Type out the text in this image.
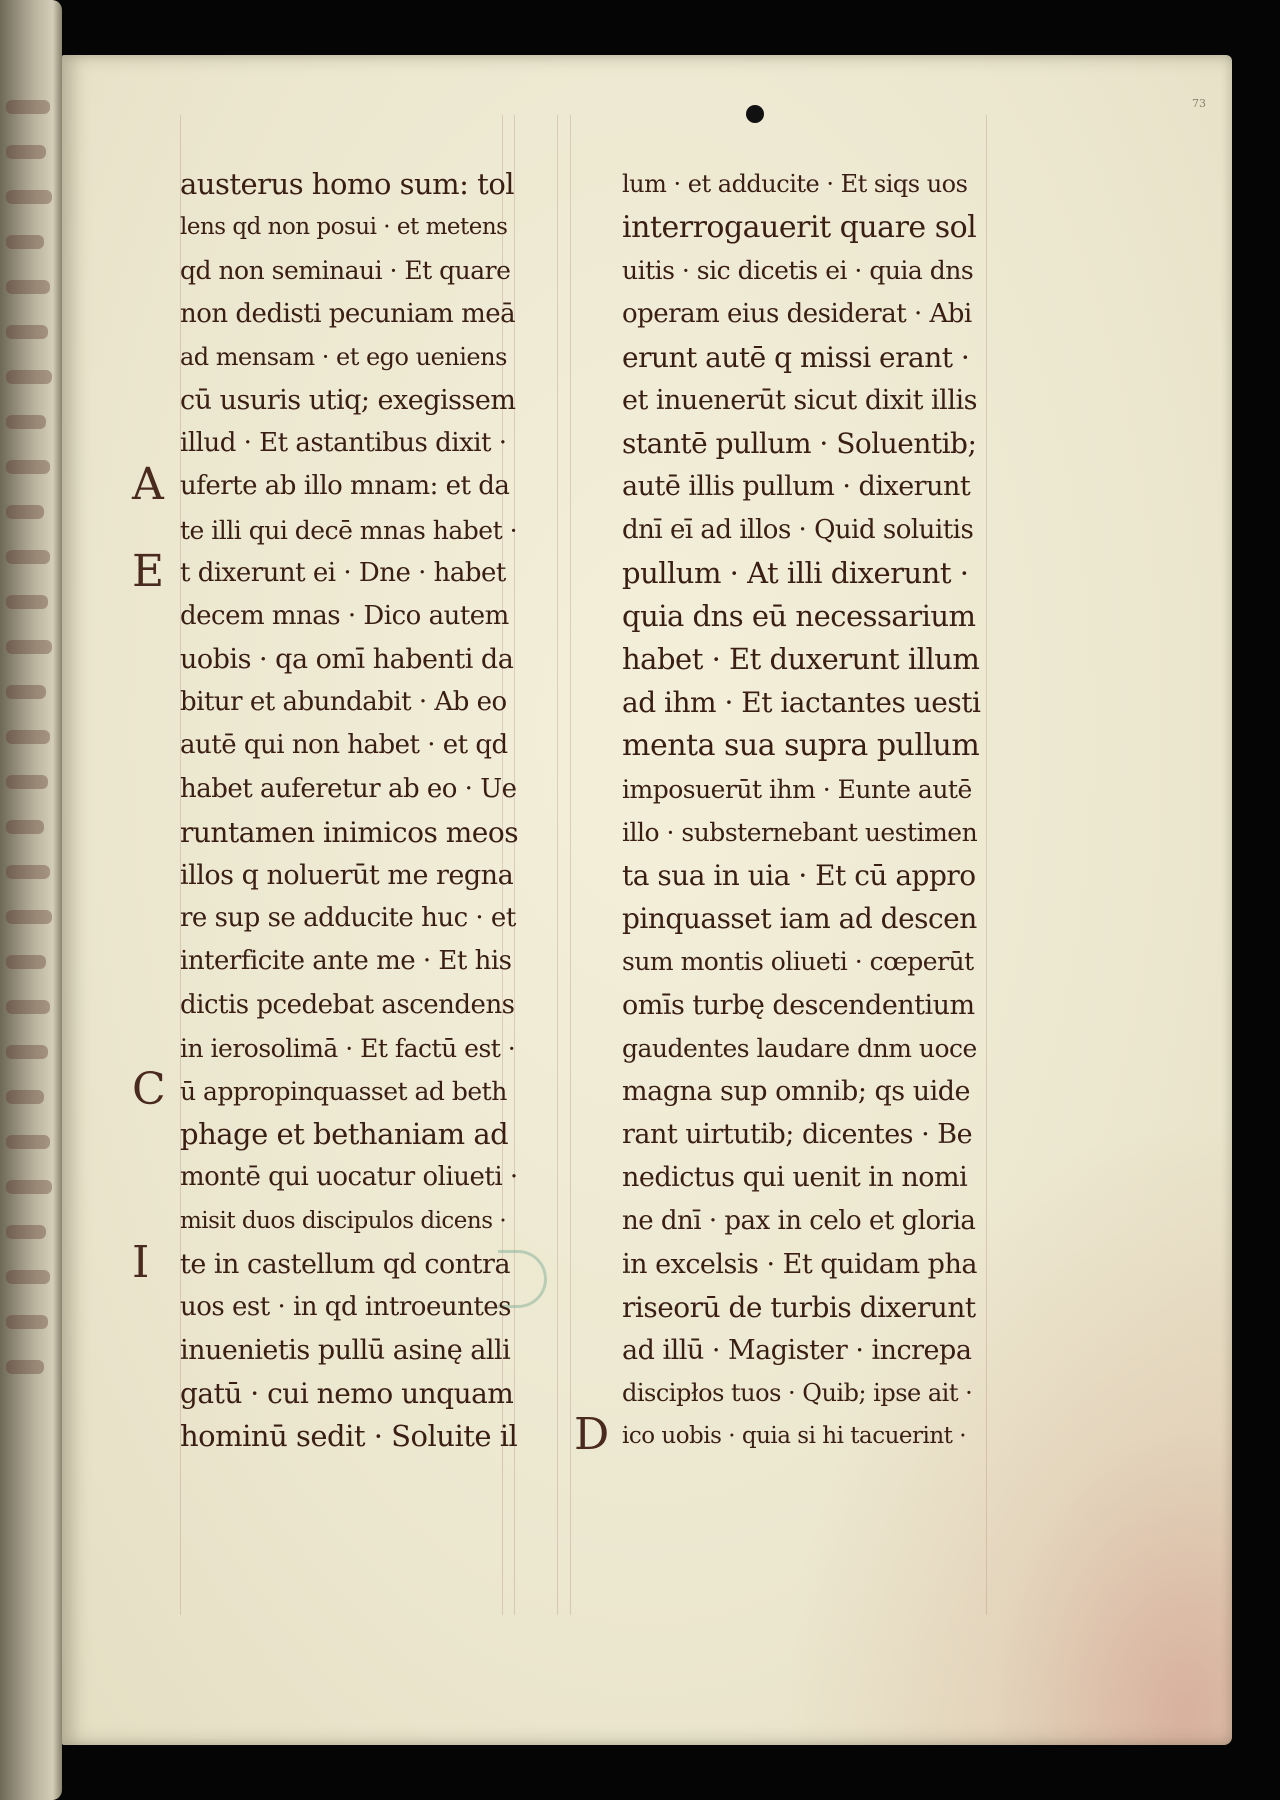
73
austerus homo sum: tol
lens qd non posui · et metens
qd non seminaui · Et quare
non dedisti pecuniam meā
ad mensam · et ego ueniens
cū usuris utiq; exegissem
illud · Et astantibus dixit ·
A uferte ab illo mnam: et da
te illi qui decē mnas habet ·
E t dixerunt ei · Dne · habet
decem mnas · Dico autem
uobis · qa omī habenti da
bitur et abundabit · Ab eo
autē qui non habet · et qd
habet auferetur ab eo · Ue
runtamen inimicos meos
illos q noluerūt me regna
re sup se adducite huc · et
interficite ante me · Et his
dictis pcedebat ascendens
in ierosolimā · Et factū est ·
C ū appropinquasset ad beth
phage et bethaniam ad
montē qui uocatur oliueti ·
misit duos discipulos dicens ·
I te in castellum qd contra
uos est · in qd introeuntes
inuenietis pullū asinę alli
gatū · cui nemo unquam
hominū sedit · Soluite il
lum · et adducite · Et siqs uos
interrogauerit quare sol
uitis · sic dicetis ei · quia dns
operam eius desiderat · Abi
erunt autē q missi erant ·
et inuenerūt sicut dixit illis
stantē pullum · Soluentib;
autē illis pullum · dixerunt
dnī eī ad illos · Quid soluitis
pullum · At illi dixerunt ·
quia dns eū necessarium
habet · Et duxerunt illum
ad ihm · Et iactantes uesti
menta sua supra pullum
imposuerūt ihm · Eunte autē
illo · substernebant uestimen
ta sua in uia · Et cū appro
pinquasset iam ad descen
sum montis oliueti · cœperūt
omīs turbę descendentium
gaudentes laudare dnm uoce
magna sup omnib; qs uide
rant uirtutib; dicentes · Be
nedictus qui uenit in nomi
ne dnī · pax in celo et gloria
in excelsis · Et quidam pha
riseorū de turbis dixerunt
ad illū · Magister · increpa
discipłos tuos · Quib; ipse ait ·
D ico uobis · quia si hi tacuerint ·
